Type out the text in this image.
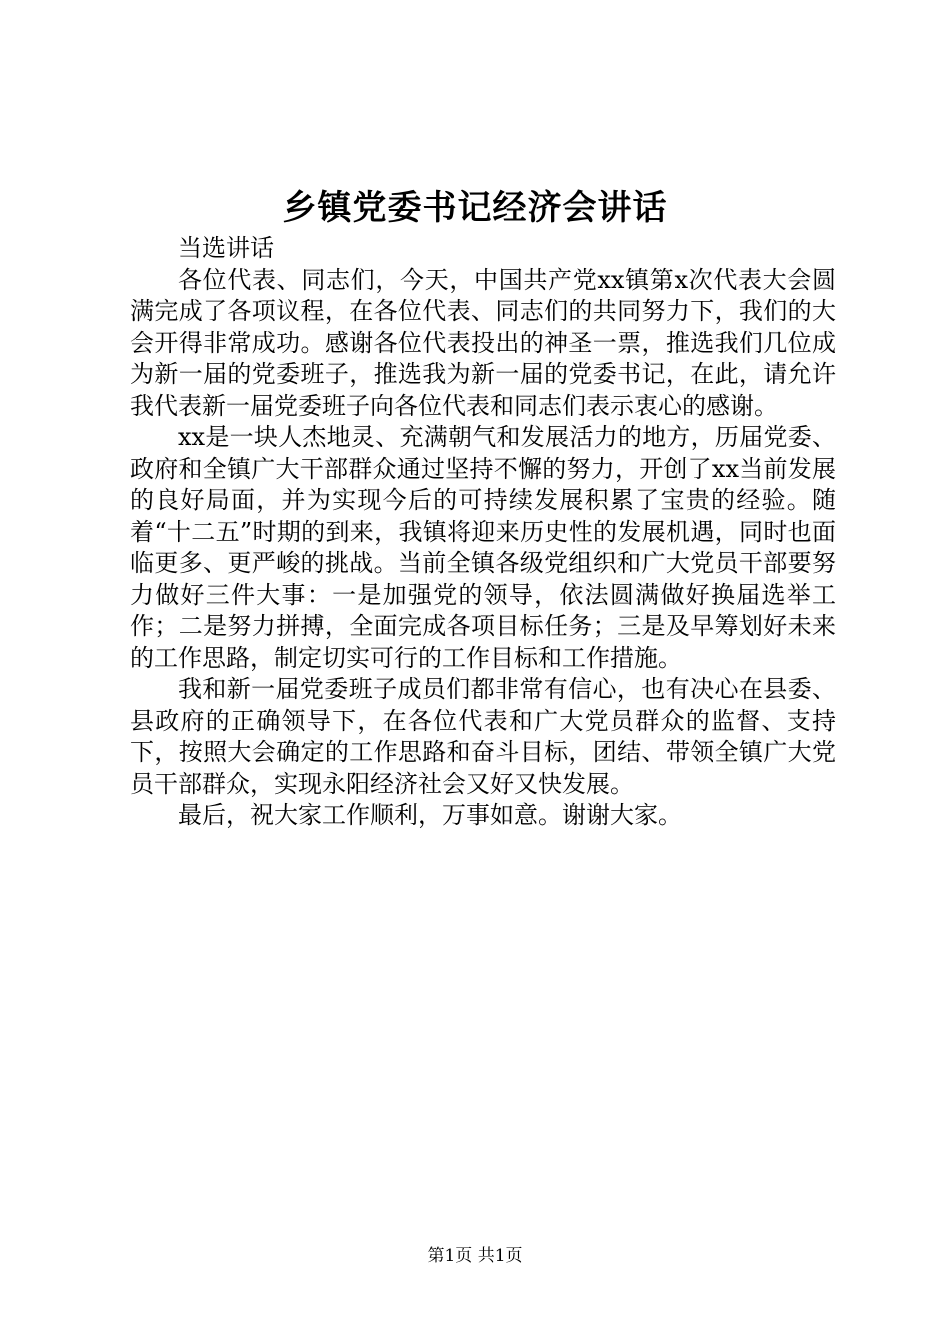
乡镇党委书记经济会讲话

当选讲话

各位代表、同志们，今天，中国共产党xx镇第x次代表大会圆满完成了各项议程，在各位代表、同志们的共同努力下，我们的大会开得非常成功。感谢各位代表投出的神圣一票，推选我们几位成为新一届的党委班子，推选我为新一届的党委书记，在此，请允许我代表新一届党委班子向各位代表和同志们表示衷心的感谢。

xx是一块人杰地灵、充满朝气和发展活力的地方，历届党委、政府和全镇广大干部群众通过坚持不懈的努力，开创了xx当前发展的良好局面，并为实现今后的可持续发展积累了宝贵的经验。随着“十二五”时期的到来，我镇将迎来历史性的发展机遇，同时也面临更多、更严峻的挑战。当前全镇各级党组织和广大党员干部要努力做好三件大事：一是加强党的领导，依法圆满做好换届选举工作；二是努力拼搏，全面完成各项目标任务；三是及早筹划好未来的工作思路，制定切实可行的工作目标和工作措施。

我和新一届党委班子成员们都非常有信心，也有决心在县委、县政府的正确领导下，在各位代表和广大党员群众的监督、支持下，按照大会确定的工作思路和奋斗目标，团结、带领全镇广大党员干部群众，实现永阳经济社会又好又快发展。

最后，祝大家工作顺利，万事如意。谢谢大家。

第1页 共1页
